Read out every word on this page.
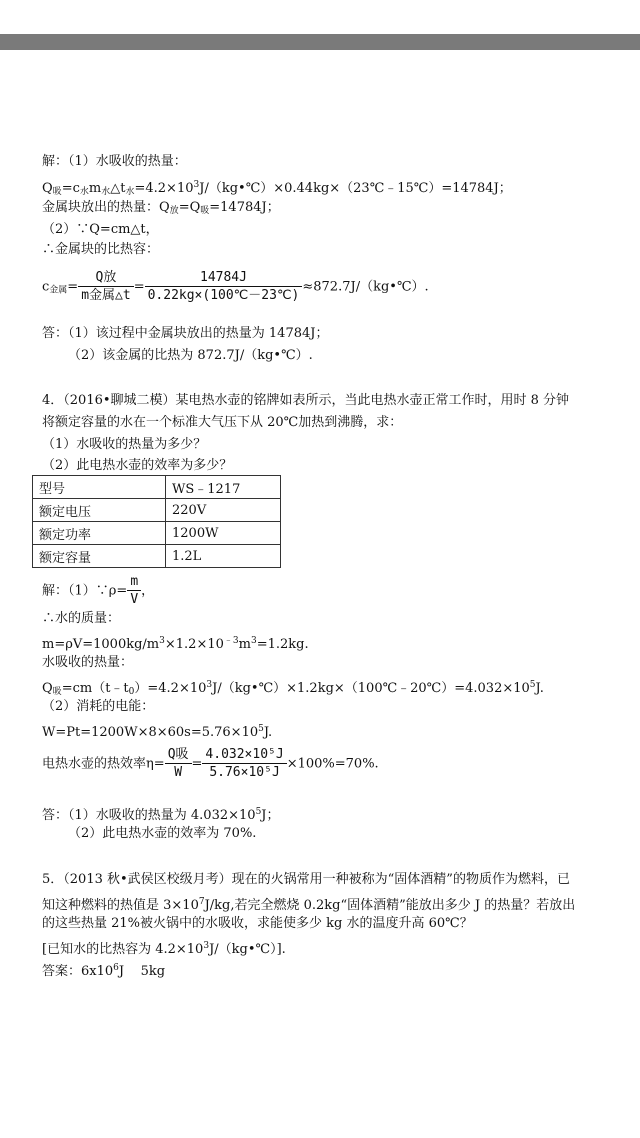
解：（1）水吸收的热量：
$Q_吸=c_水m_水\triangle t_水=4.2\times 10^3J/(kg•℃)\times 0.44kg\times(23℃﹣15℃)=14784J$；
金属块放出的热量：$Q_放=Q_吸=14784J$；
（2）∵Q=cm△t，
∴金属块的比热容：
$c_{金属}= \frac{\text{Q放}}{\text{m金属△t}} = \frac{14784J}{0.22kg\times(100℃-23℃)}$ ≈872.7J/（kg•℃）.
答：（1）该过程中金属块放出的热量为 14784J；
（2）该金属的比热为 872.7J/（kg•℃）.
4．（2016•聊城二模）某电热水壶的铭牌如表所示，当此电热水壶正常工作时，用时 8 分钟
将额定容量的水在一个标准大气压下从 20℃加热到沸腾，求：
（1）水吸收的热量为多少？
（2）此电热水壶的效率为多少？
型号	WS﹣1217
额定电压	220V
额定功率	1200W
额定容量	1.2L
解：（1）∵ρ= $\frac{m}{V}$ ，
∴水的质量：
$m=\rho V=1000kg/m^3\times 1.2\times 10^{﹣3}m^3=1.2kg$.
水吸收的热量：
$Q_吸=cm(t﹣t_0)=4.2\times 10^3J/(kg•℃)\times 1.2kg\times(100℃﹣20℃)=4.032\times 10^5J$.
（2）消耗的电能：
$W=Pt=1200W\times 8\times 60s=5.76\times 10^5J$.
电热水壶的热效率$\eta= \frac{\text{Q吸}}{W} = \frac{\text{4.032×10⁵J}}{\text{5.76×10⁵J}} \times 100\%=70\%$.
答：（1）水吸收的热量为 $4.032\times 10^5J$；
（2）此电热水壶的效率为 70%.
5．（2013 秋•武侯区校级月考）现在的火锅常用一种被称为“固体酒精”的物质作为燃料，已
知这种燃料的热值是 $3\times 10^7J/kg$,若完全燃烧 0.2kg“固体酒精”能放出多少 J 的热量？若放出
的这些热量 21%被火锅中的水吸收，求能使多少 kg 水的温度升高 60℃？
[已知水的比热容为 $4.2\times 10^3J/(kg•℃)$].
答案：$6x10^6J$    5kg
